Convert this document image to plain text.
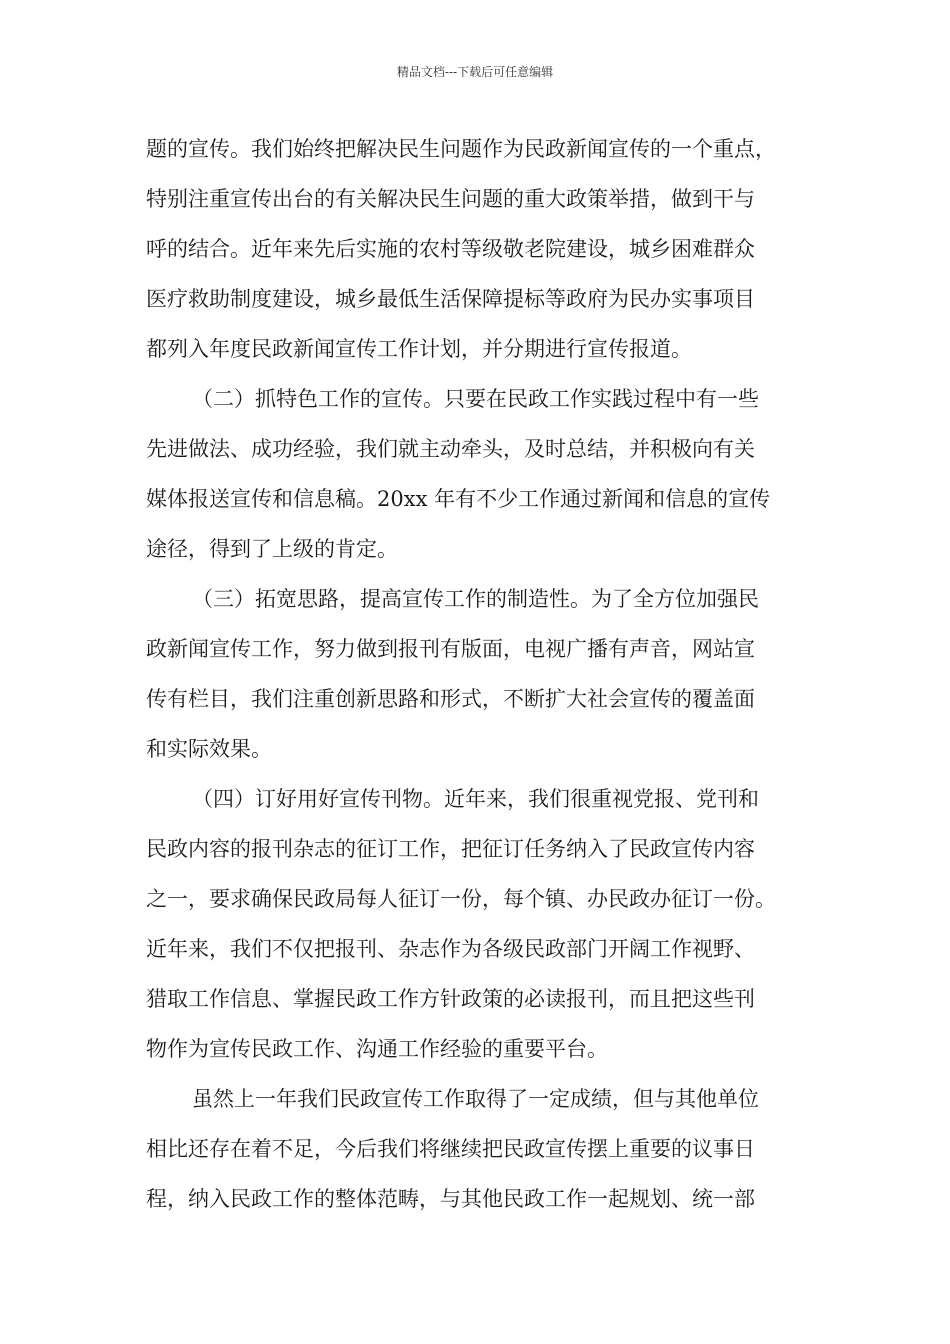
精品文档---下载后可任意编辑
题的宣传。我们始终把解决民生问题作为民政新闻宣传的一个重点，
特别注重宣传出台的有关解决民生问题的重大政策举措，做到干与
呼的结合。近年来先后实施的农村等级敬老院建设，城乡困难群众
医疗救助制度建设，城乡最低生活保障提标等政府为民办实事项目
都列入年度民政新闻宣传工作计划，并分期进行宣传报道。
（二）抓特色工作的宣传。只要在民政工作实践过程中有一些
先进做法、成功经验，我们就主动牵头，及时总结，并积极向有关
媒体报送宣传和信息稿。20xx 年有不少工作通过新闻和信息的宣传
途径，得到了上级的肯定。
（三）拓宽思路，提高宣传工作的制造性。为了全方位加强民
政新闻宣传工作，努力做到报刊有版面，电视广播有声音，网站宣
传有栏目，我们注重创新思路和形式，不断扩大社会宣传的覆盖面
和实际效果。
（四）订好用好宣传刊物。近年来，我们很重视党报、党刊和
民政内容的报刊杂志的征订工作，把征订任务纳入了民政宣传内容
之一，要求确保民政局每人征订一份，每个镇、办民政办征订一份。
近年来，我们不仅把报刊、杂志作为各级民政部门开阔工作视野、
猎取工作信息、掌握民政工作方针政策的必读报刊，而且把这些刊
物作为宣传民政工作、沟通工作经验的重要平台。
虽然上一年我们民政宣传工作取得了一定成绩，但与其他单位
相比还存在着不足，今后我们将继续把民政宣传摆上重要的议事日
程，纳入民政工作的整体范畴，与其他民政工作一起规划、统一部
